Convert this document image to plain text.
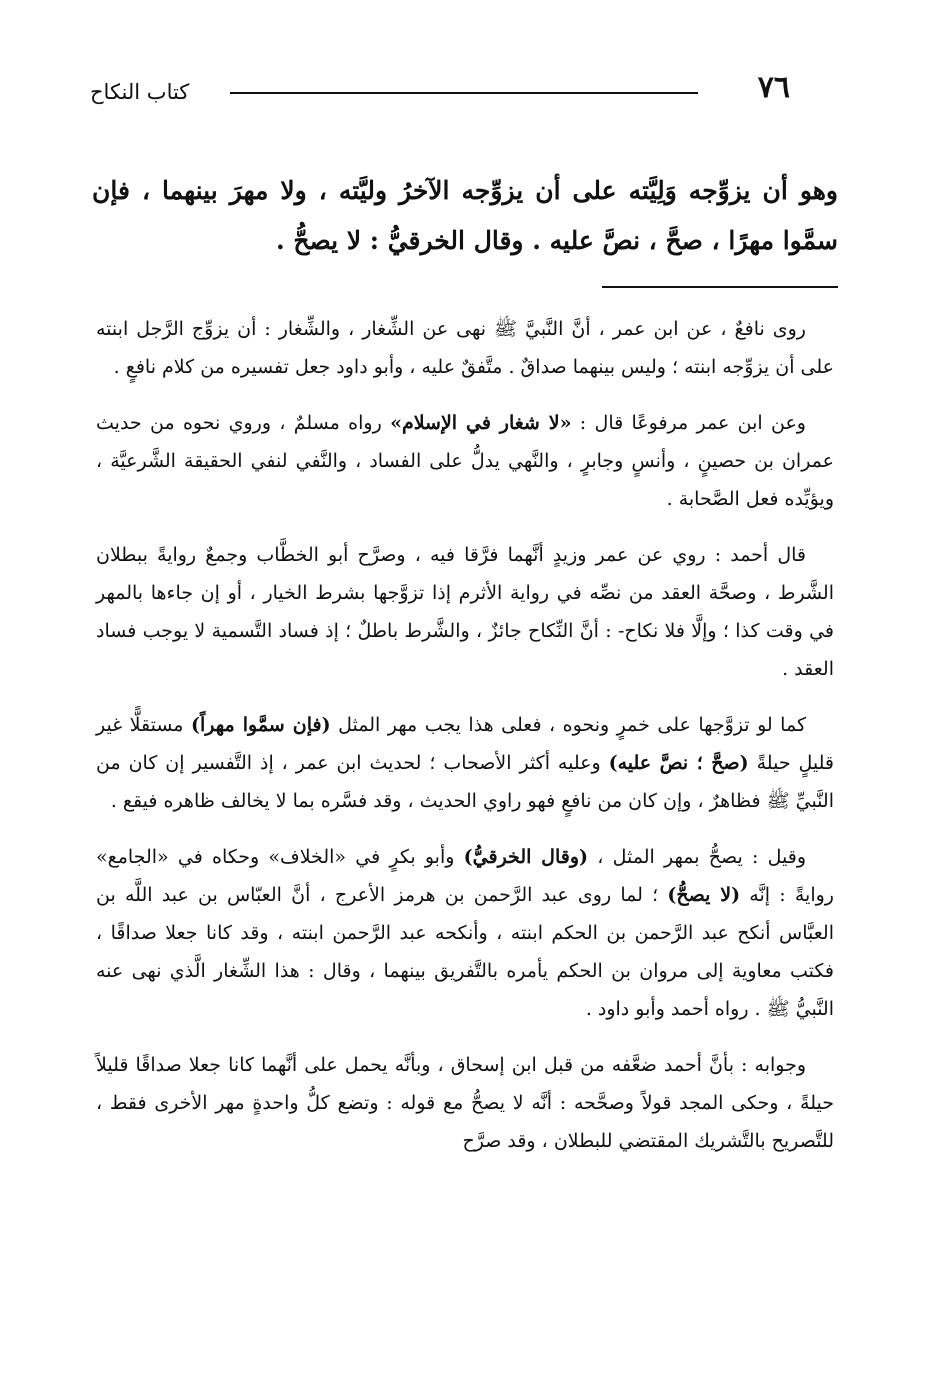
٧٦
كتاب النكاح

وهو أن يزوِّجه وَلِيَّته على أن يزوِّجه الآخرُ وليَّته ، ولا مهرَ بينهما ، فإن سمَّوا مهرًا ، صحَّ ، نصَّ عليه . وقال الخرقيُّ : لا يصحُّ .

روى نافعٌ ، عن ابن عمر ، أنَّ النَّبيَّ ﷺ نهى عن الشِّغار ، والشِّغار : أن يزوِّج الرَّجل ابنته على أن يزوِّجه ابنته ؛ وليس بينهما صداقٌ . متَّفقٌ عليه ، وأبو داود جعل تفسيره من كلام نافعٍ .

وعن ابن عمر مرفوعًا قال : «لا شغار في الإسلام» رواه مسلمٌ ، وروي نحوه من حديث عمران بن حصينٍ ، وأنسٍ وجابرٍ ، والنَّهي يدلُّ على الفساد ، والنَّفي لنفي الحقيقة الشَّرعيَّة ، ويؤيِّده فعل الصَّحابة .

قال أحمد : روي عن عمر وزيدٍ أنَّهما فرَّقا فيه ، وصرَّح أبو الخطَّاب وجمعٌ روايةً ببطلان الشَّرط ، وصحَّة العقد من نصِّه في رواية الأثرم إذا تزوَّجها بشرط الخيار ، أو إن جاءها بالمهر في وقت كذا ؛ وإلَّا فلا نكاح- : أنَّ النِّكاح جائزٌ ، والشَّرط باطلٌ ؛ إذ فساد التَّسمية لا يوجب فساد العقد .

كما لو تزوَّجها على خمرٍ ونحوه ، فعلى هذا يجب مهر المثل (فإن سمَّوا مهراً) مستقلًّا غير قليلٍ حيلةً (صحَّ ؛ نصَّ عليه) وعليه أكثر الأصحاب ؛ لحديث ابن عمر ، إذ التَّفسير إن كان من النَّبيِّ ﷺ فظاهرٌ ، وإن كان من نافعٍ فهو راوي الحديث ، وقد فسَّره بما لا يخالف ظاهره فيقع .

وقيل : يصحُّ بمهر المثل ، (وقال الخرقيُّ) وأبو بكرٍ في «الخلاف» وحكاه في «الجامع» روايةً : إنَّه (لا يصحُّ) ؛ لما روى عبد الرَّحمن بن هرمز الأعرج ، أنَّ العبّاس بن عبد اللَّه بن العبَّاس أنكح عبد الرَّحمن بن الحكم ابنته ، وأنكحه عبد الرَّحمن ابنته ، وقد كانا جعلا صداقًا ، فكتب معاوية إلى مروان بن الحكم يأمره بالتَّفريق بينهما ، وقال : هذا الشِّغار الَّذي نهى عنه النَّبيُّ ﷺ . رواه أحمد وأبو داود .

وجوابه : بأنَّ أحمد ضعَّفه من قبل ابن إسحاق ، وبأنَّه يحمل على أنَّهما كانا جعلا صداقًا قليلاً حيلةً ، وحكى المجد قولاً وصحَّحه : أنَّه لا يصحُّ مع قوله : وتضع كلُّ واحدةٍ مهر الأخرى فقط ، للتَّصريح بالتَّشريك المقتضي للبطلان ، وقد صرَّح
